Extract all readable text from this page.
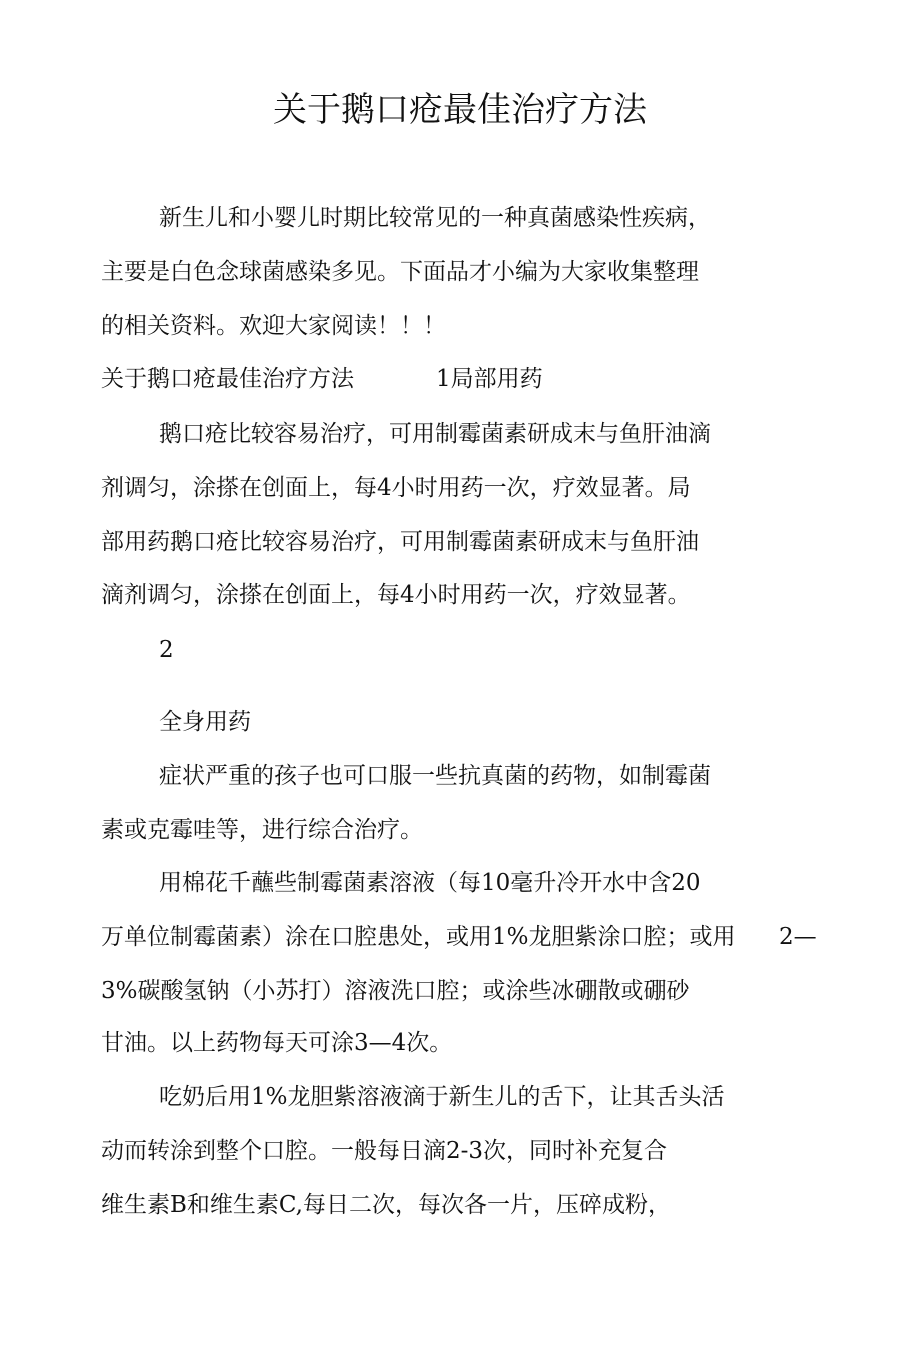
关于鹅口疮最佳治疗方法
新生儿和小婴儿时期比较常见的一种真菌感染性疾病，
主要是白色念球菌感染多见。下面品才小编为大家收集整理
的相关资料。欢迎大家阅读！！！
关于鹅口疮最佳治疗方法	1局部用药
鹅口疮比较容易治疗，可用制霉菌素研成末与鱼肝油滴
剂调匀，涂搽在创面上，每4小时用药一次，疗效显著。局
部用药鹅口疮比较容易治疗，可用制霉菌素研成末与鱼肝油
滴剂调匀，涂搽在创面上，每4小时用药一次，疗效显著。
2
全身用药
症状严重的孩子也可口服一些抗真菌的药物，如制霉菌
素或克霉哇等，进行综合治疗。
用棉花千蘸些制霉菌素溶液（每10毫升冷开水中含20
万单位制霉菌素）涂在口腔患处，或用1%龙胆紫涂口腔；或用 2—
3%碳酸氢钠（小苏打）溶液洗口腔；或涂些冰硼散或硼砂
甘油。以上药物每天可涂3—4次。
吃奶后用1%龙胆紫溶液滴于新生儿的舌下，让其舌头活
动而转涂到整个口腔。一般每日滴2-3次，同时补充复合
维生素B和维生素C,每日二次，每次各一片，压碎成粉，
